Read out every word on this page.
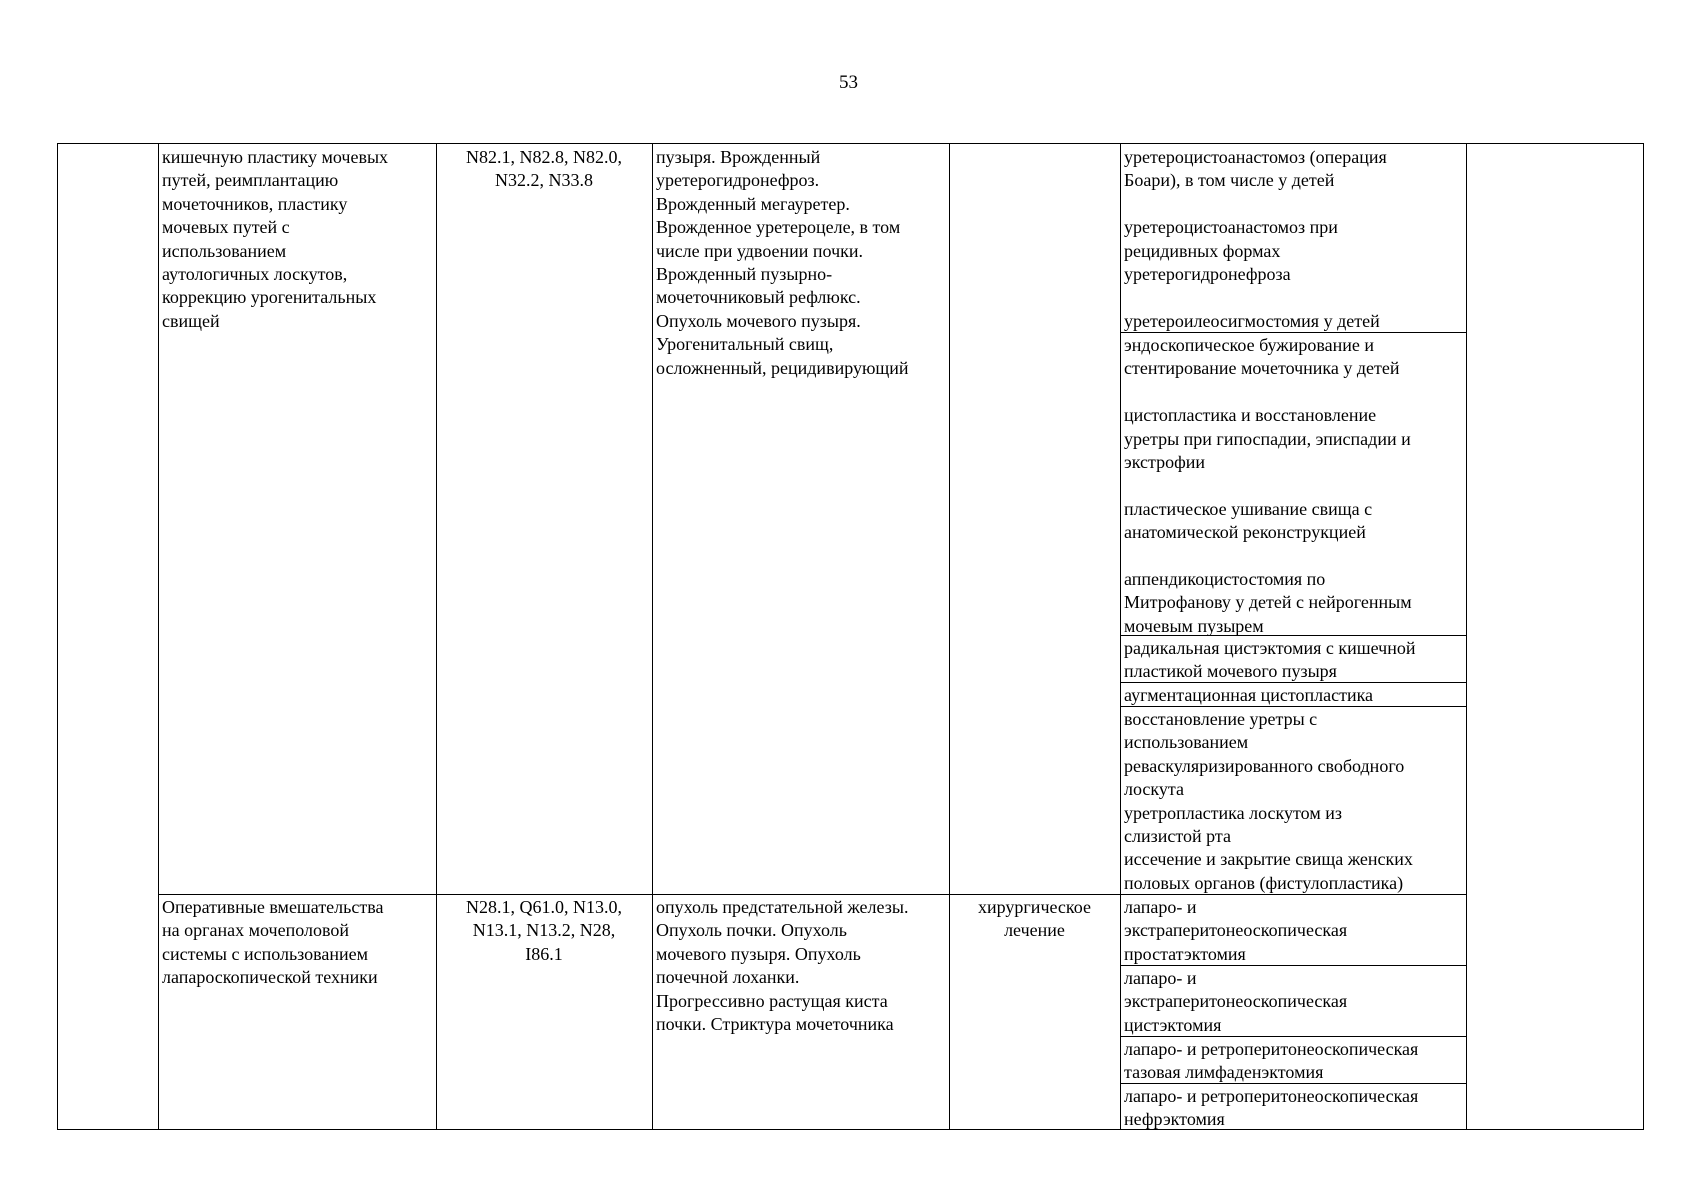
53
кишечную пластику мочевых
путей, реимплантацию
мочеточников, пластику
мочевых путей с
использованием
аутологичных лоскутов,
коррекцию урогенитальных
свищей
N82.1, N82.8, N82.0,
N32.2, N33.8
пузыря. Врожденный
уретерогидронефроз.
Врожденный мегауретер.
Врожденное уретероцеле, в том
числе при удвоении почки.
Врожденный пузырно-
мочеточниковый рефлюкс.
Опухоль мочевого пузыря.
Урогенитальный свищ,
осложненный, рецидивирующий
уретероцистоанастомоз (операция
Боари), в том числе у детей

уретероцистоанастомоз при
рецидивных формах
уретерогидронефроза

уретероилеосигмостомия у детей
эндоскопическое бужирование и
стентирование мочеточника у детей

цистопластика и восстановление
уретры при гипоспадии, эписпадии и
экстрофии

пластическое ушивание свища с
анатомической реконструкцией

аппендикоцистостомия по
Митрофанову у детей с нейрогенным
мочевым пузырем
радикальная цистэктомия с кишечной
пластикой мочевого пузыря
аугментационная цистопластика
восстановление уретры с
использованием
реваскуляризированного свободного
лоскута
уретропластика лоскутом из
слизистой рта
иссечение и закрытие свища женских
половых органов (фистулопластика)
Оперативные вмешательства
на органах мочеполовой
системы с использованием
лапароскопической техники
N28.1, Q61.0, N13.0,
N13.1, N13.2, N28,
I86.1
опухоль предстательной железы.
Опухоль почки. Опухоль
мочевого пузыря. Опухоль
почечной лоханки.
Прогрессивно растущая киста
почки. Стриктура мочеточника
хирургическое
лечение
лапаро- и
экстраперитонеоскопическая
простатэктомия
лапаро- и
экстраперитонеоскопическая
цистэктомия
лапаро- и ретроперитонеоскопическая
тазовая лимфаденэктомия
лапаро- и ретроперитонеоскопическая
нефрэктомия
